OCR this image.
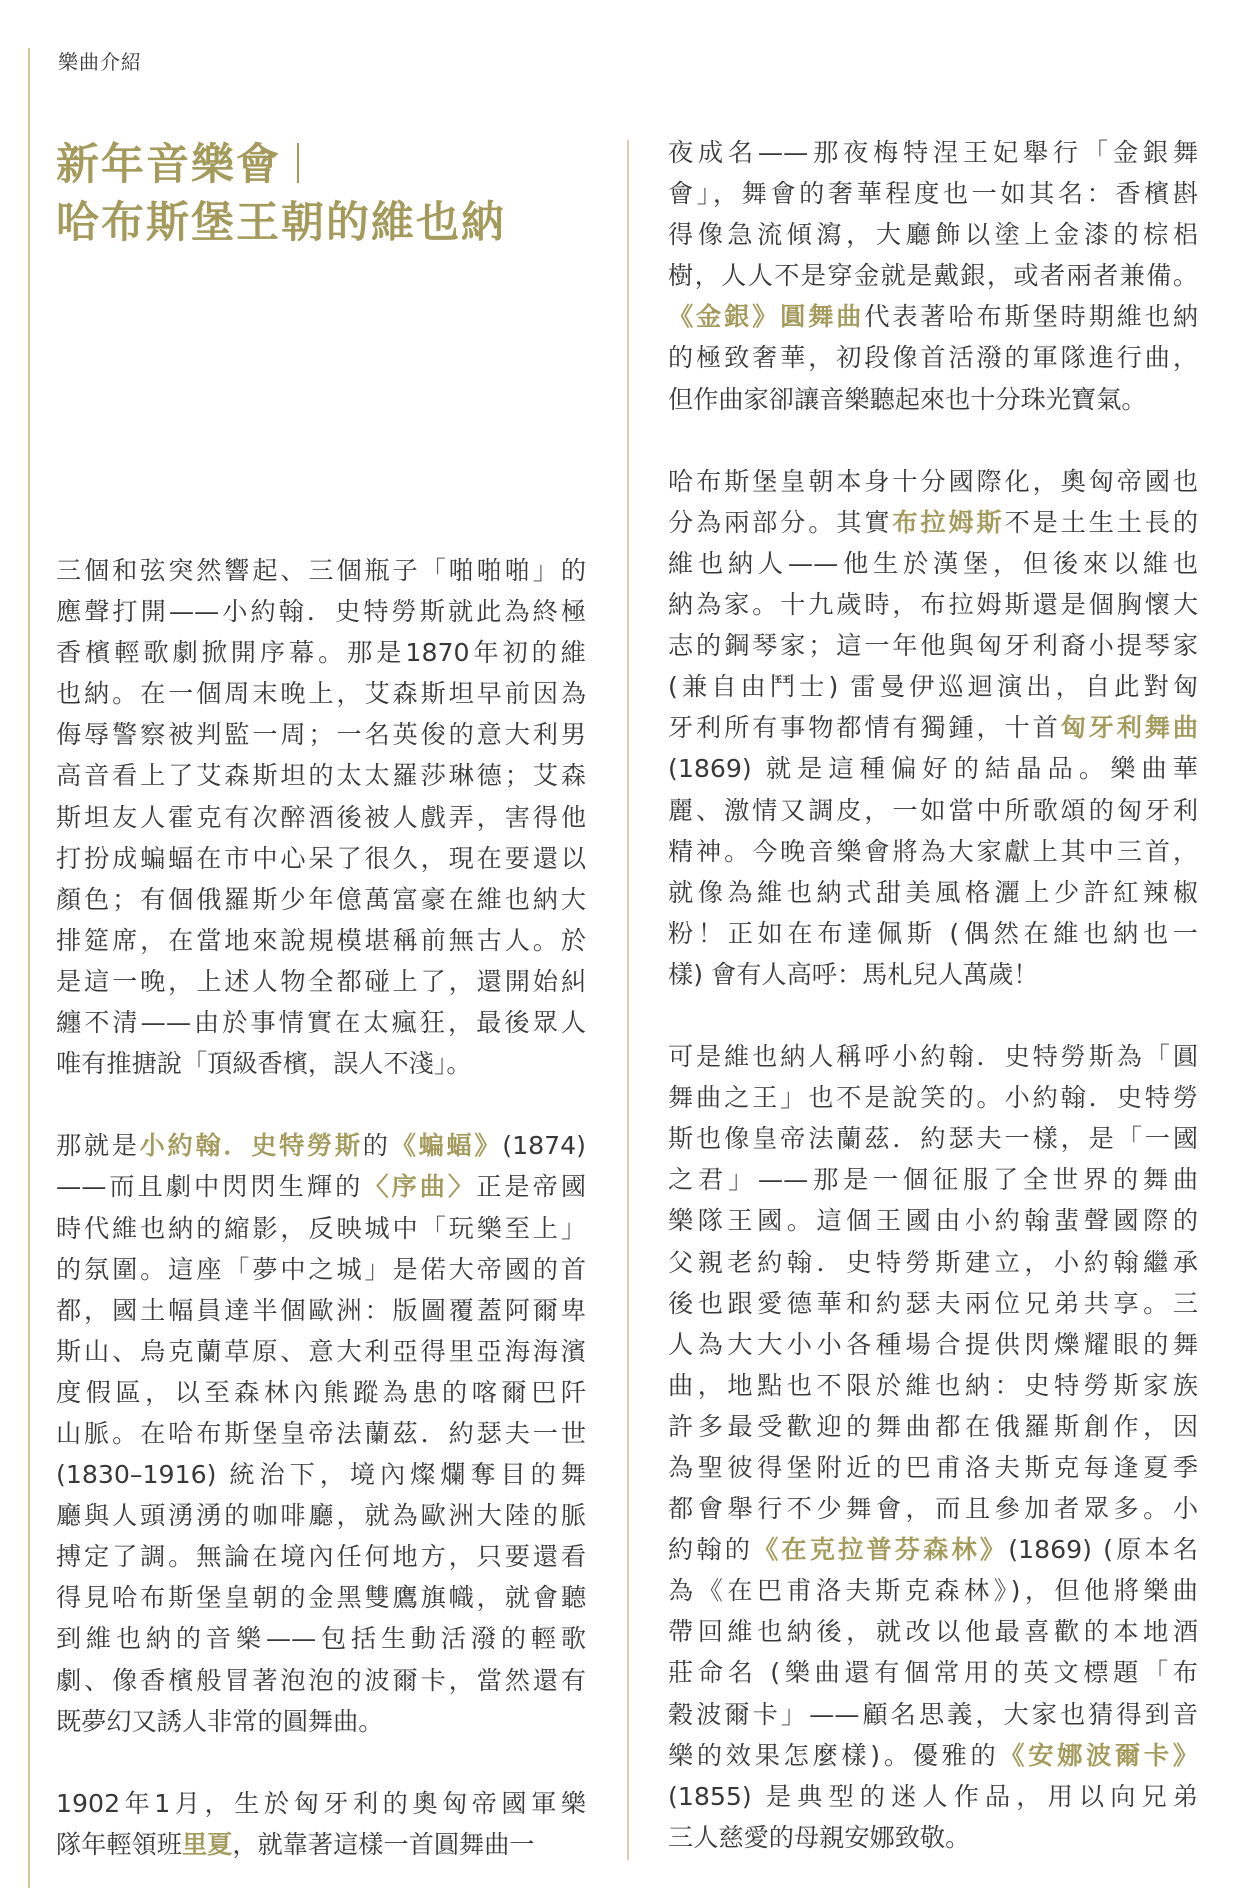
樂曲介紹
新年音樂會
哈布斯堡王朝的維也納
三個和弦突然響起、三個瓶子「啪啪啪」的
應聲打開——小約翰．史特勞斯就此為終極
香檳輕歌劇掀開序幕。那是1870年初的維
也納。在一個周末晚上，艾森斯坦早前因為
侮辱警察被判監一周；一名英俊的意大利男
高音看上了艾森斯坦的太太羅莎琳德；艾森
斯坦友人霍克有次醉酒後被人戲弄，害得他
打扮成蝙蝠在市中心呆了很久，現在要還以
顏色；有個俄羅斯少年億萬富豪在維也納大
排筵席，在當地來說規模堪稱前無古人。於
是這一晚，上述人物全都碰上了，還開始糾
纏不清——由於事情實在太瘋狂，最後眾人
唯有推搪說「頂級香檳，誤人不淺」。
那就是小約翰．史特勞斯的《蝙蝠》(1874)
——而且劇中閃閃生輝的〈序曲〉正是帝國
時代維也納的縮影，反映城中「玩樂至上」
的氛圍。這座「夢中之城」是偌大帝國的首
都，國土幅員達半個歐洲：版圖覆蓋阿爾卑
斯山、烏克蘭草原、意大利亞得里亞海海濱
度假區，以至森林內熊蹤為患的喀爾巴阡
山脈。在哈布斯堡皇帝法蘭茲．約瑟夫一世
(1830–1916) 統治下，境內燦爛奪目的舞
廳與人頭湧湧的咖啡廳，就為歐洲大陸的脈
搏定了調。無論在境內任何地方，只要還看
得見哈布斯堡皇朝的金黑雙鷹旗幟，就會聽
到維也納的音樂——包括生動活潑的輕歌
劇、像香檳般冒著泡泡的波爾卡，當然還有
既夢幻又誘人非常的圓舞曲。
1902年1月，生於匈牙利的奧匈帝國軍樂
隊年輕領班里夏，就靠著這樣一首圓舞曲一
夜成名——那夜梅特涅王妃舉行「金銀舞
會」，舞會的奢華程度也一如其名：香檳斟
得像急流傾瀉，大廳飾以塗上金漆的棕梠
樹，人人不是穿金就是戴銀，或者兩者兼備。
《金銀》圓舞曲代表著哈布斯堡時期維也納
的極致奢華，初段像首活潑的軍隊進行曲，
但作曲家卻讓音樂聽起來也十分珠光寶氣。
哈布斯堡皇朝本身十分國際化，奧匈帝國也
分為兩部分。其實布拉姆斯不是土生土長的
維也納人——他生於漢堡，但後來以維也
納為家。十九歲時，布拉姆斯還是個胸懷大
志的鋼琴家；這一年他與匈牙利裔小提琴家
(兼自由鬥士) 雷曼伊巡迴演出，自此對匈
牙利所有事物都情有獨鍾，十首匈牙利舞曲
(1869) 就是這種偏好的結晶品。樂曲華
麗、激情又調皮，一如當中所歌頌的匈牙利
精神。今晚音樂會將為大家獻上其中三首，
就像為維也納式甜美風格灑上少許紅辣椒
粉！正如在布達佩斯 (偶然在維也納也一
樣) 會有人高呼：馬札兒人萬歲！
可是維也納人稱呼小約翰．史特勞斯為「圓
舞曲之王」也不是說笑的。小約翰．史特勞
斯也像皇帝法蘭茲．約瑟夫一樣，是「一國
之君」——那是一個征服了全世界的舞曲
樂隊王國。這個王國由小約翰蜚聲國際的
父親老約翰．史特勞斯建立，小約翰繼承
後也跟愛德華和約瑟夫兩位兄弟共享。三
人為大大小小各種場合提供閃爍耀眼的舞
曲，地點也不限於維也納：史特勞斯家族
許多最受歡迎的舞曲都在俄羅斯創作，因
為聖彼得堡附近的巴甫洛夫斯克每逢夏季
都會舉行不少舞會，而且參加者眾多。小
約翰的《在克拉普芬森林》(1869) (原本名
為《在巴甫洛夫斯克森林》)，但他將樂曲
帶回維也納後，就改以他最喜歡的本地酒
莊命名 (樂曲還有個常用的英文標題「布
穀波爾卡」——顧名思義，大家也猜得到音
樂的效果怎麼樣)。優雅的《安娜波爾卡》
(1855) 是典型的迷人作品，用以向兄弟
三人慈愛的母親安娜致敬。
